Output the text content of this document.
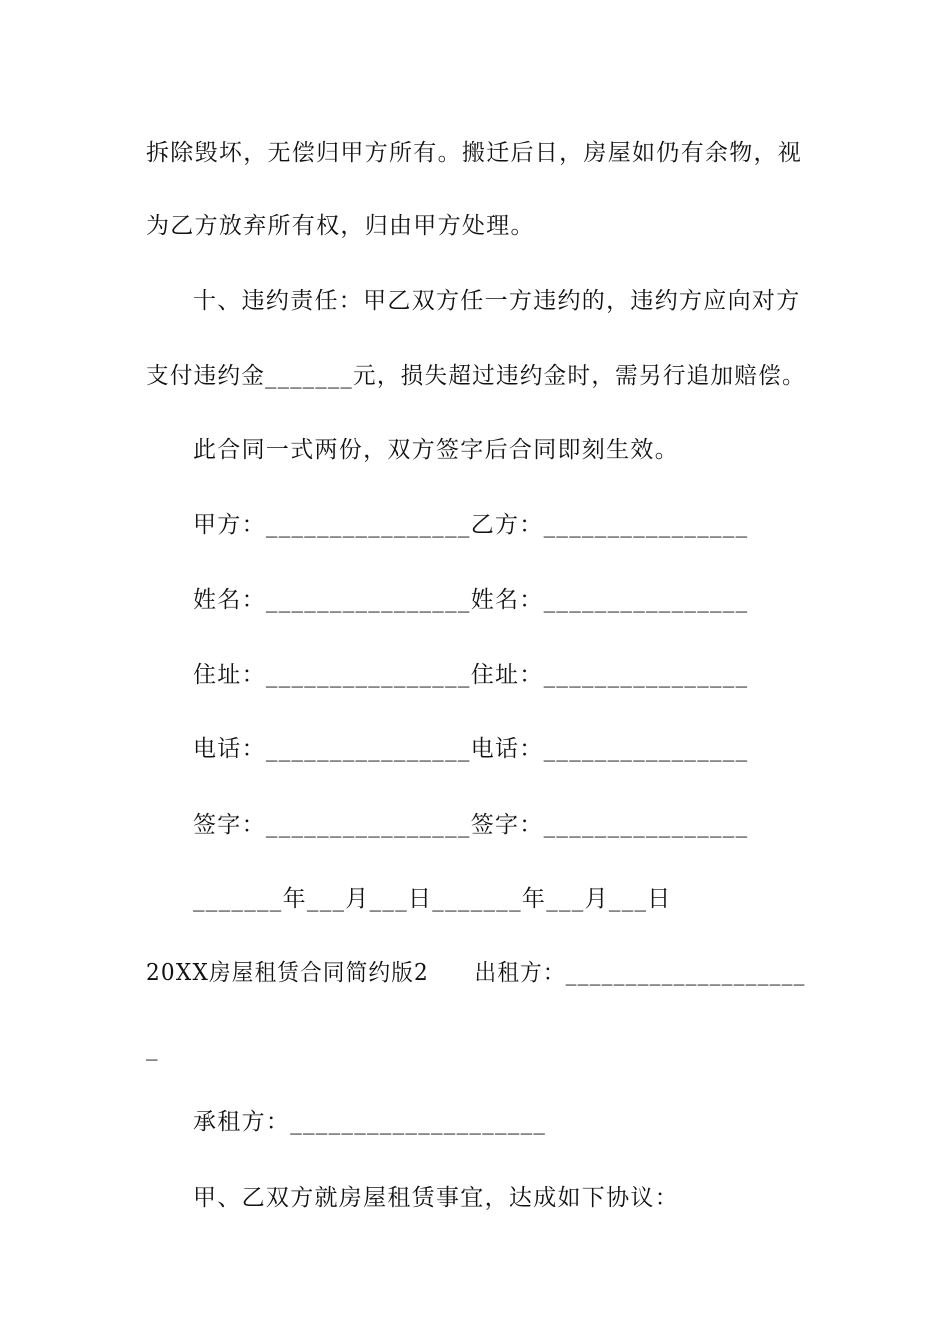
拆除毁坏，无偿归甲方所有。搬迁后日，房屋如仍有余物，视
为乙方放弃所有权，归由甲方处理。
十、违约责任：甲乙双方任一方违约的，违约方应向对方
支付违约金_______元，损失超过违约金时，需另行追加赔偿。
此合同一式两份，双方签字后合同即刻生效。
甲方：________________乙方：________________
姓名：________________姓名：________________
住址：________________住址：________________
电话：________________电话：________________
签字：________________签字：________________
_______年___月___日_______年___月___日
20XX房屋租赁合同简约版2　　出租方：____________________
_
承租方：____________________
甲、乙双方就房屋租赁事宜，达成如下协议：
